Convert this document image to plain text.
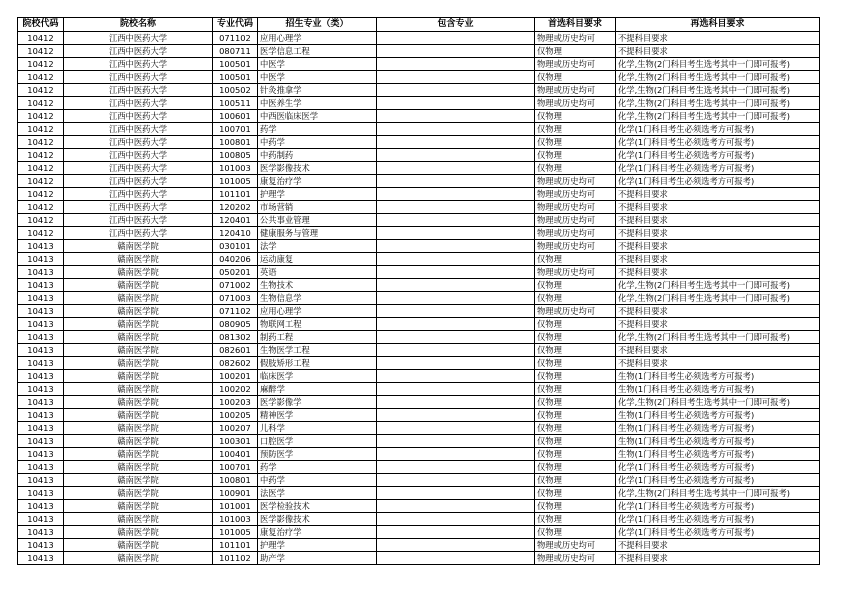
院校代码	院校名称	专业代码	招生专业（类）	包含专业	首选科目要求	再选科目要求
10412	江西中医药大学	071102	应用心理学		物理或历史均可	不提科目要求
10412	江西中医药大学	080711	医学信息工程		仅物理	不提科目要求
10412	江西中医药大学	100501	中医学		物理或历史均可	化学,生物(2门科目考生选考其中一门即可报考)
10412	江西中医药大学	100501	中医学		仅物理	化学,生物(2门科目考生选考其中一门即可报考)
10412	江西中医药大学	100502	针灸推拿学		物理或历史均可	化学,生物(2门科目考生选考其中一门即可报考)
10412	江西中医药大学	100511	中医养生学		物理或历史均可	化学,生物(2门科目考生选考其中一门即可报考)
10412	江西中医药大学	100601	中西医临床医学		仅物理	化学,生物(2门科目考生选考其中一门即可报考)
10412	江西中医药大学	100701	药学		仅物理	化学(1门科目考生必须选考方可报考)
10412	江西中医药大学	100801	中药学		仅物理	化学(1门科目考生必须选考方可报考)
10412	江西中医药大学	100805	中药制药		仅物理	化学(1门科目考生必须选考方可报考)
10412	江西中医药大学	101003	医学影像技术		仅物理	化学(1门科目考生必须选考方可报考)
10412	江西中医药大学	101005	康复治疗学		物理或历史均可	化学(1门科目考生必须选考方可报考)
10412	江西中医药大学	101101	护理学		物理或历史均可	不提科目要求
10412	江西中医药大学	120202	市场营销		物理或历史均可	不提科目要求
10412	江西中医药大学	120401	公共事业管理		物理或历史均可	不提科目要求
10412	江西中医药大学	120410	健康服务与管理		物理或历史均可	不提科目要求
10413	赣南医学院	030101	法学		物理或历史均可	不提科目要求
10413	赣南医学院	040206	运动康复		仅物理	不提科目要求
10413	赣南医学院	050201	英语		物理或历史均可	不提科目要求
10413	赣南医学院	071002	生物技术		仅物理	化学,生物(2门科目考生选考其中一门即可报考)
10413	赣南医学院	071003	生物信息学		仅物理	化学,生物(2门科目考生选考其中一门即可报考)
10413	赣南医学院	071102	应用心理学		物理或历史均可	不提科目要求
10413	赣南医学院	080905	物联网工程		仅物理	不提科目要求
10413	赣南医学院	081302	制药工程		仅物理	化学,生物(2门科目考生选考其中一门即可报考)
10413	赣南医学院	082601	生物医学工程		仅物理	不提科目要求
10413	赣南医学院	082602	假肢矫形工程		仅物理	不提科目要求
10413	赣南医学院	100201	临床医学		仅物理	生物(1门科目考生必须选考方可报考)
10413	赣南医学院	100202	麻醉学		仅物理	生物(1门科目考生必须选考方可报考)
10413	赣南医学院	100203	医学影像学		仅物理	化学,生物(2门科目考生选考其中一门即可报考)
10413	赣南医学院	100205	精神医学		仅物理	生物(1门科目考生必须选考方可报考)
10413	赣南医学院	100207	儿科学		仅物理	生物(1门科目考生必须选考方可报考)
10413	赣南医学院	100301	口腔医学		仅物理	生物(1门科目考生必须选考方可报考)
10413	赣南医学院	100401	预防医学		仅物理	生物(1门科目考生必须选考方可报考)
10413	赣南医学院	100701	药学		仅物理	化学(1门科目考生必须选考方可报考)
10413	赣南医学院	100801	中药学		仅物理	化学(1门科目考生必须选考方可报考)
10413	赣南医学院	100901	法医学		仅物理	化学,生物(2门科目考生选考其中一门即可报考)
10413	赣南医学院	101001	医学检验技术		仅物理	化学(1门科目考生必须选考方可报考)
10413	赣南医学院	101003	医学影像技术		仅物理	化学(1门科目考生必须选考方可报考)
10413	赣南医学院	101005	康复治疗学		仅物理	化学(1门科目考生必须选考方可报考)
10413	赣南医学院	101101	护理学		物理或历史均可	不提科目要求
10413	赣南医学院	101102	助产学		物理或历史均可	不提科目要求
